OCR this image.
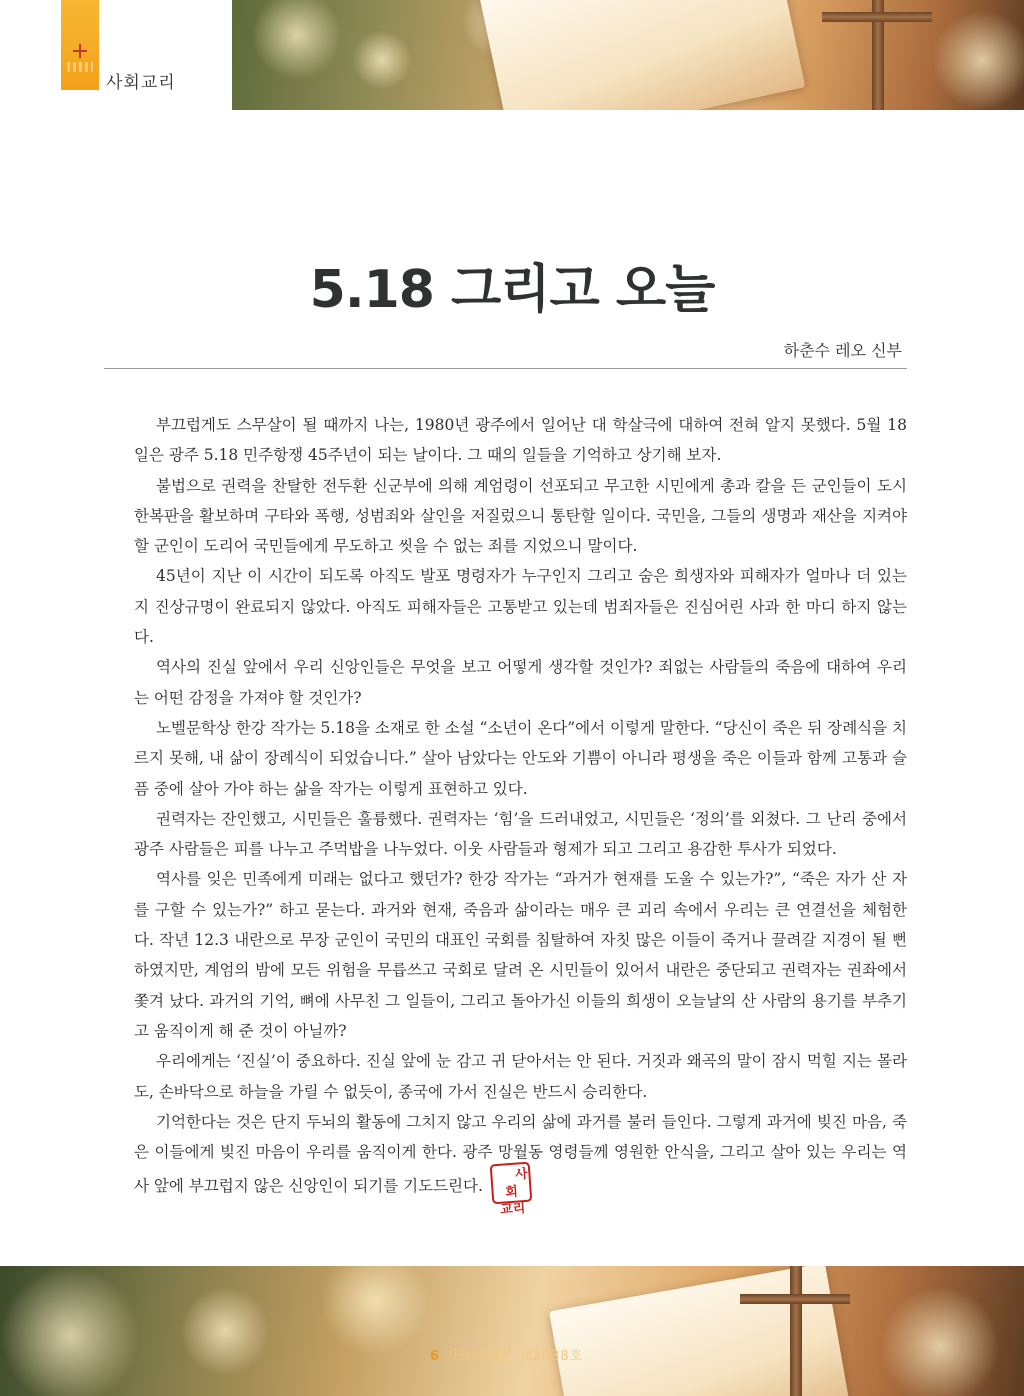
사회교리
5.18 그리고 오늘
하춘수 레오 신부

부끄럽게도 스무살이 될 때까지 나는, 1980년 광주에서 일어난 대 학살극에 대하여 전혀 알지 못했다. 5월 18일은 광주 5.18 민주항쟁 45주년이 되는 날이다. 그 때의 일들을 기억하고 상기해 보자.

불법으로 권력을 찬탈한 전두환 신군부에 의해 계엄령이 선포되고 무고한 시민에게 총과 칼을 든 군인들이 도시 한복판을 활보하며 구타와 폭행, 성범죄와 살인을 저질렀으니 통탄할 일이다. 국민을, 그들의 생명과 재산을 지켜야 할 군인이 도리어 국민들에게 무도하고 씻을 수 없는 죄를 지었으니 말이다.

45년이 지난 이 시간이 되도록 아직도 발포 명령자가 누구인지 그리고 숨은 희생자와 피해자가 얼마나 더 있는지 진상규명이 완료되지 않았다. 아직도 피해자들은 고통받고 있는데 범죄자들은 진심어린 사과 한 마디 하지 않는다.

역사의 진실 앞에서 우리 신앙인들은 무엇을 보고 어떻게 생각할 것인가? 죄없는 사람들의 죽음에 대하여 우리는 어떤 감정을 가져야 할 것인가?

노벨문학상 한강 작가는 5.18을 소재로 한 소설 “소년이 온다”에서 이렇게 말한다. “당신이 죽은 뒤 장례식을 치르지 못해, 내 삶이 장례식이 되었습니다.” 살아 남았다는 안도와 기쁨이 아니라 평생을 죽은 이들과 함께 고통과 슬픔 중에 살아 가야 하는 삶을 작가는 이렇게 표현하고 있다.

권력자는 잔인했고, 시민들은 훌륭했다. 권력자는 ‘힘’을 드러내었고, 시민들은 ‘정의’를 외쳤다. 그 난리 중에서 광주 사람들은 피를 나누고 주먹밥을 나누었다. 이웃 사람들과 형제가 되고 그리고 용감한 투사가 되었다.

역사를 잊은 민족에게 미래는 없다고 했던가? 한강 작가는 “과거가 현재를 도울 수 있는가?”, “죽은 자가 산 자를 구할 수 있는가?” 하고 묻는다. 과거와 현재, 죽음과 삶이라는 매우 큰 괴리 속에서 우리는 큰 연결선을 체험한다. 작년 12.3 내란으로 무장 군인이 국민의 대표인 국회를 침탈하여 자칫 많은 이들이 죽거나 끌려갈 지경이 될 뻔 하였지만, 계엄의 밤에 모든 위험을 무릅쓰고 국회로 달려 온 시민들이 있어서 내란은 중단되고 권력자는 권좌에서 쫓겨 났다. 과거의 기억, 뼈에 사무친 그 일들이, 그리고 돌아가신 이들의 희생이 오늘날의 산 사람의 용기를 부추기고 움직이게 해 준 것이 아닐까?

우리에게는 ‘진실’이 중요하다. 진실 앞에 눈 감고 귀 닫아서는 안 된다. 거짓과 왜곡의 말이 잠시 먹힐 지는 몰라도, 손바닥으로 하늘을 가릴 수 없듯이, 종국에 가서 진실은 반드시 승리한다.

기억한다는 것은 단지 두뇌의 활동에 그치지 않고 우리의 삶에 과거를 불러 들인다. 그렇게 과거에 빚진 마음, 죽은 이들에게 빚진 마음이 우리를 움직이게 한다. 광주 망월동 영령들께 영원한 안식을, 그리고 살아 있는 우리는 역사 앞에 부끄럽지 않은 신앙인이 되기를 기도드린다.사회
교리

6 가톨릭마산 제2938호
